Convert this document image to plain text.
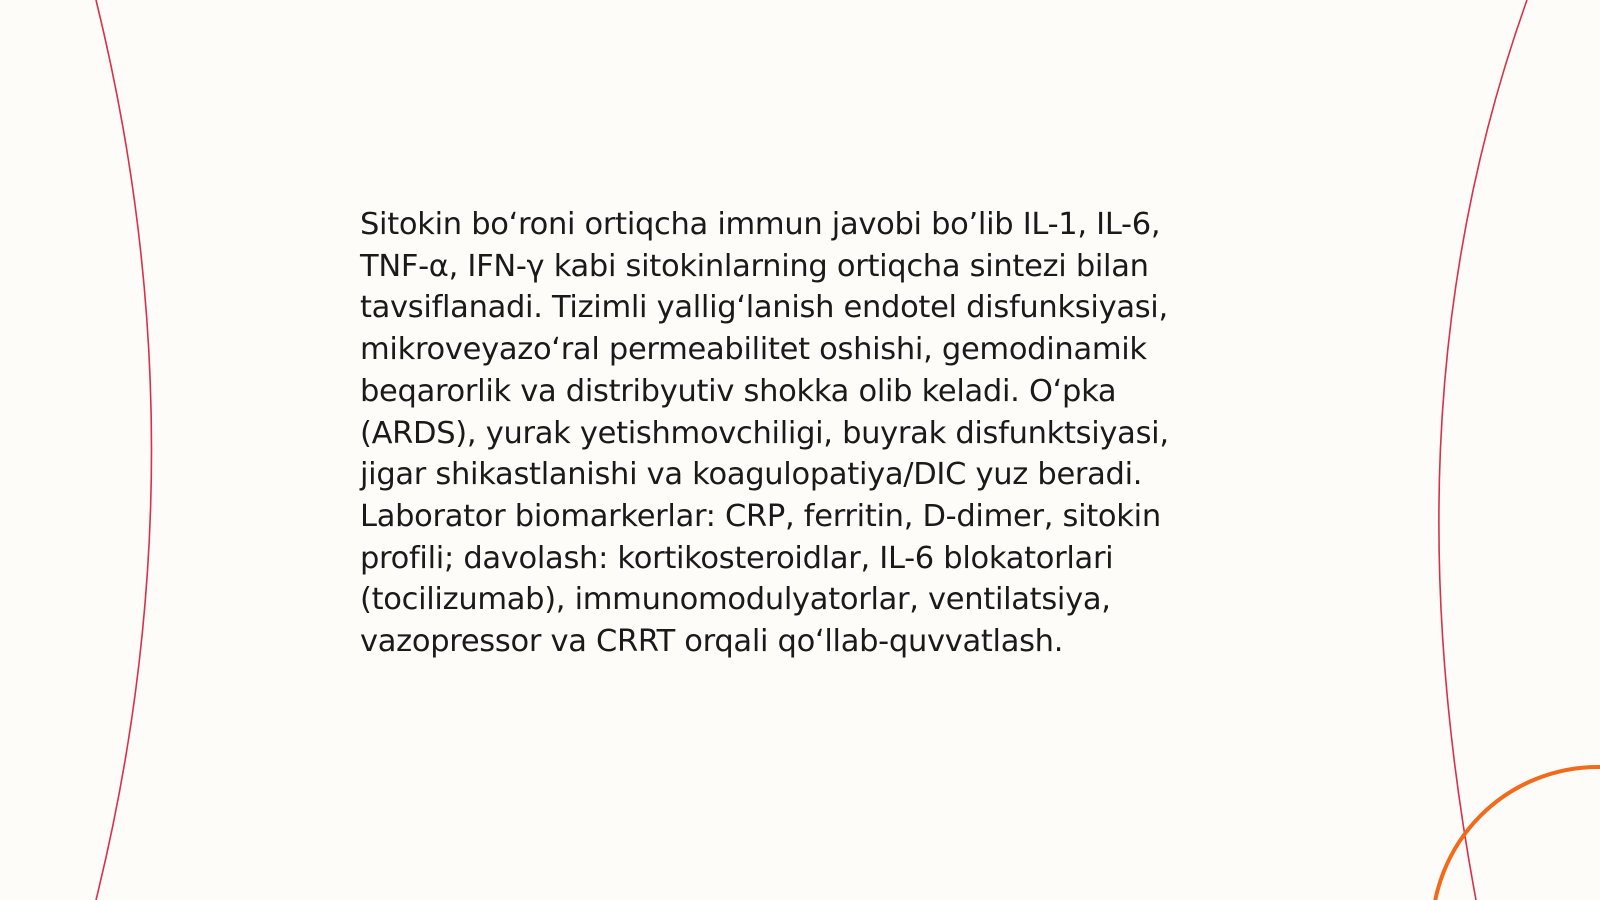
Sitokin bo‘roni ortiqcha immun javobi bo’lib IL-1, IL-6,
TNF-α, IFN-γ kabi sitokinlarning ortiqcha sintezi bilan
tavsiflanadi. Tizimli yallig‘lanish endotel disfunksiyasi,
mikroveyazo‘ral permeabilitet oshishi, gemodinamik
beqarorlik va distribyutiv shokka olib keladi. O‘pka
(ARDS), yurak yetishmovchiligi, buyrak disfunktsiyasi,
jigar shikastlanishi va koagulopatiya/DIC yuz beradi.
Laborator biomarkerlar: CRP, ferritin, D-dimer, sitokin
profili; davolash: kortikosteroidlar, IL-6 blokatorlari
(tocilizumab), immunomodulyatorlar, ventilatsiya,
vazopressor va CRRT orqali qo‘llab-quvvatlash.
